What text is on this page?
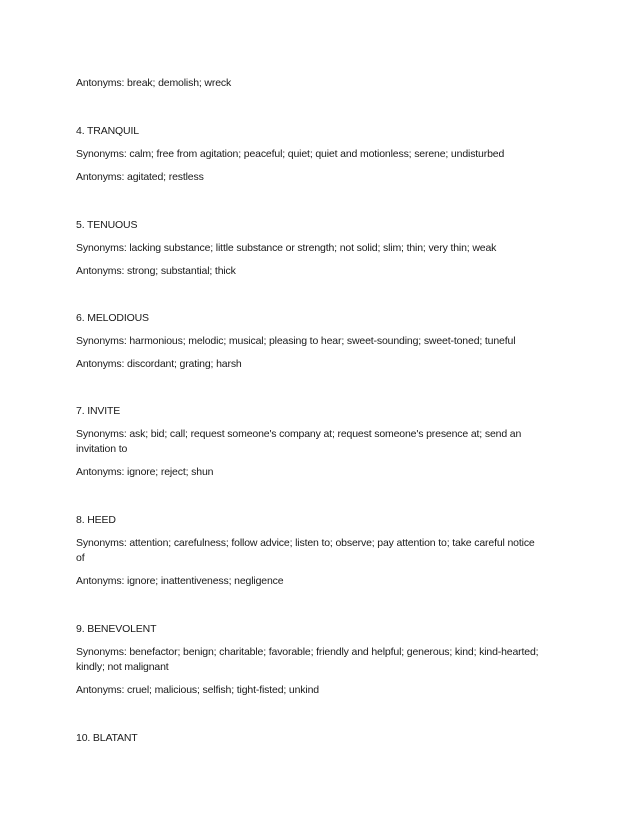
Antonyms: break; demolish; wreck
4. TRANQUIL
Synonyms: calm; free from agitation; peaceful; quiet; quiet and motionless; serene; undisturbed
Antonyms: agitated; restless
5. TENUOUS
Synonyms: lacking substance; little substance or strength; not solid; slim; thin; very thin; weak
Antonyms: strong; substantial; thick
6. MELODIOUS
Synonyms: harmonious; melodic; musical; pleasing to hear; sweet-sounding; sweet-toned; tuneful
Antonyms: discordant; grating; harsh
7. INVITE
Synonyms: ask; bid; call; request someone's company at; request someone's presence at; send an
invitation to
Antonyms: ignore; reject; shun
8. HEED
Synonyms: attention; carefulness; follow advice; listen to; observe; pay attention to; take careful notice
of
Antonyms: ignore; inattentiveness; negligence
9. BENEVOLENT
Synonyms: benefactor; benign; charitable; favorable; friendly and helpful; generous; kind; kind-hearted;
kindly; not malignant
Antonyms: cruel; malicious; selfish; tight-fisted; unkind
10. BLATANT
